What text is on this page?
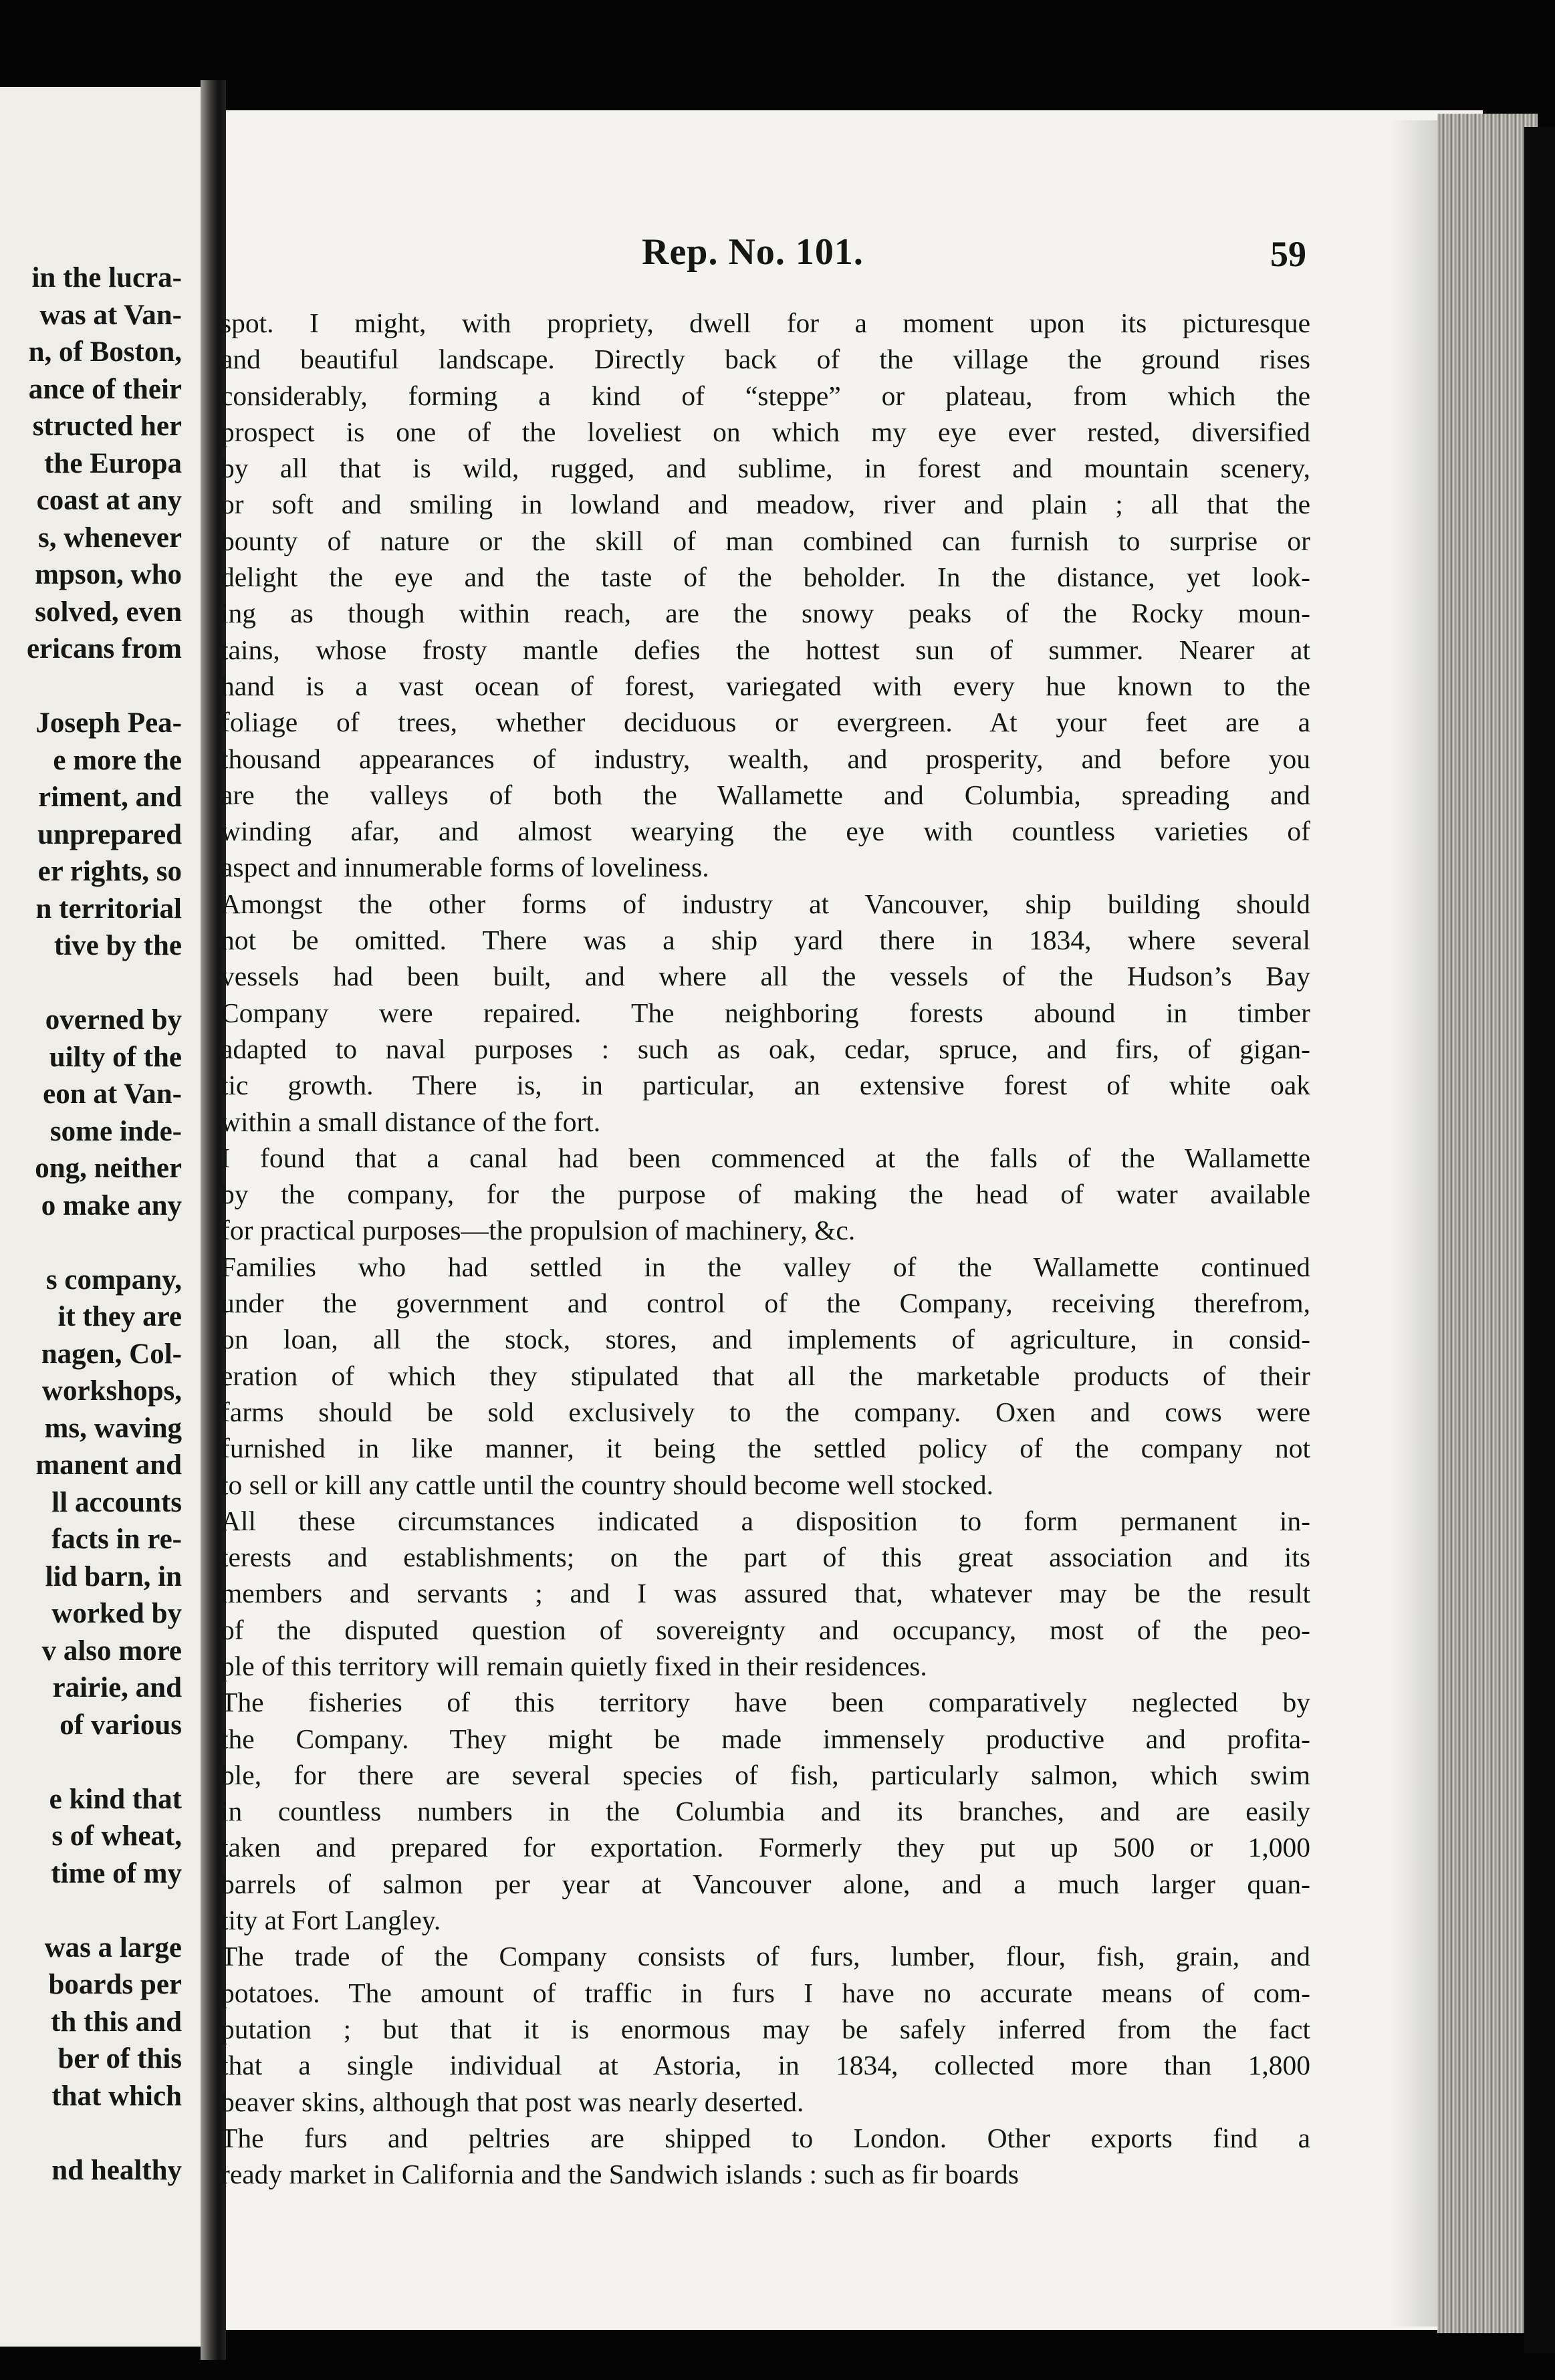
in the lucra-
was at Van-
n, of Boston,
ance of their
structed her
the Europa
coast at any
s, whenever
mpson, who
solved, even
ericans from
Joseph Pea-
e more the
riment, and
unprepared
er rights, so
n territorial
tive by the
overned by
uilty of the
eon at Van-
some inde-
ong, neither
o make any
s company,
it they are
nagen, Col-
workshops,
ms, waving
manent and
ll accounts
facts in re-
lid barn, in
worked by
v also more
rairie, and
of various
e kind that
s of wheat,
time of my
was a large
boards per
th this and
ber of this
that which
nd healthy
Rep. No. 101.	59

spot. I might, with propriety, dwell for a moment upon its picturesque
and beautiful landscape. Directly back of the village the ground rises
considerably, forming a kind of “steppe” or plateau, from which the
prospect is one of the loveliest on which my eye ever rested, diversified
by all that is wild, rugged, and sublime, in forest and mountain scenery,
or soft and smiling in lowland and meadow, river and plain ; all that the
bounty of nature or the skill of man combined can furnish to surprise or
delight the eye and the taste of the beholder. In the distance, yet look-
ing as though within reach, are the snowy peaks of the Rocky moun-
tains, whose frosty mantle defies the hottest sun of summer. Nearer at
hand is a vast ocean of forest, variegated with every hue known to the
foliage of trees, whether deciduous or evergreen. At your feet are a
thousand appearances of industry, wealth, and prosperity, and before you
are the valleys of both the Wallamette and Columbia, spreading and
winding afar, and almost wearying the eye with countless varieties of
aspect and innumerable forms of loveliness.

Amongst the other forms of industry at Vancouver, ship building should
not be omitted. There was a ship yard there in 1834, where several
vessels had been built, and where all the vessels of the Hudson’s Bay
Company were repaired. The neighboring forests abound in timber
adapted to naval purposes : such as oak, cedar, spruce, and firs, of gigan-
tic growth. There is, in particular, an extensive forest of white oak
within a small distance of the fort.

I found that a canal had been commenced at the falls of the Wallamette
by the company, for the purpose of making the head of water available
for practical purposes—the propulsion of machinery, &c.

Families who had settled in the valley of the Wallamette continued
under the government and control of the Company, receiving therefrom,
on loan, all the stock, stores, and implements of agriculture, in consid-
eration of which they stipulated that all the marketable products of their
farms should be sold exclusively to the company. Oxen and cows were
furnished in like manner, it being the settled policy of the company not
to sell or kill any cattle until the country should become well stocked.

All these circumstances indicated a disposition to form permanent in-
terests and establishments; on the part of this great association and its
members and servants ; and I was assured that, whatever may be the result
of the disputed question of sovereignty and occupancy, most of the peo-
ple of this territory will remain quietly fixed in their residences.

The fisheries of this territory have been comparatively neglected by
the Company. They might be made immensely productive and profita-
ble, for there are several species of fish, particularly salmon, which swim
in countless numbers in the Columbia and its branches, and are easily
taken and prepared for exportation. Formerly they put up 500 or 1,000
barrels of salmon per year at Vancouver alone, and a much larger quan-
tity at Fort Langley.

The trade of the Company consists of furs, lumber, flour, fish, grain, and
potatoes. The amount of traffic in furs I have no accurate means of com-
putation ; but that it is enormous may be safely inferred from the fact
that a single individual at Astoria, in 1834, collected more than 1,800
beaver skins, although that post was nearly deserted.

The furs and peltries are shipped to London. Other exports find a
ready market in California and the Sandwich islands : such as fir boards
